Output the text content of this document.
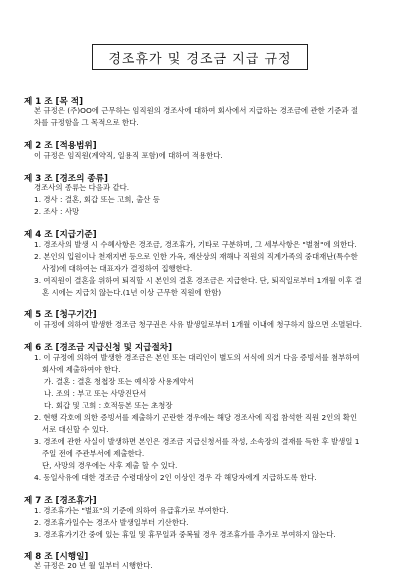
경조휴가 및 경조금 지급 규정
제 1 조 [목 적]
본 규정은 (주)OO에 근무하는 임직원의 경조사에 대하여 회사에서 지급하는 경조금에 관한 기준과 절
차를 규정함을 그 목적으로 한다.
제 2 조 [적용범위]
이 규정은 임직원(계약직, 일용직 포함)에 대하여 적용한다.
제 3 조 [경조의 종류]
경조사의 종류는 다음과 같다.
1. 경사 : 결혼, 회갑 또는 고희, 출산 등
2. 조사 : 사망
제 4 조 [지급기준]
1. 경조사의 발생 시 수혜사항은 경조금, 경조휴가, 기타로 구분하며, 그 세부사항은 "별첨"에 의한다.
2. 본인의 입원이나 천재지변 등으로 인한 가옥, 재산상의 재해나 직원의 직계가족의 중대재난(특수한
사정)에 대하여는 대표자가 결정하여 집행한다.
3. 여직원이 결혼을 위하여 퇴직할 시 본인의 결혼 경조금은 지급한다. 단, 퇴직일로부터 1개월 이후 결
혼 시에는 지급치 않는다.(1년 이상 근무한 직원에 한함)
제 5 조 [청구기간]
이 규정에 의하여 발생한 경조금 청구권은 사유 발생일로부터 1개월 이내에 청구하지 않으면 소멸된다.
제 6 조 [경조금 지급신청 및 지급절차]
1. 이 규정에 의하여 발생한 경조금은 본인 또는 대리인이 별도의 서식에 의거 다음 증빙서를 첨부하여
회사에 제출하여야 한다.
가. 결혼 : 결혼 청첩장 또는 예식장 사용계약서
나. 조의 : 부고 또는 사망진단서
다. 회갑 및 고희 : 호적등본 또는 초청장
2. 현행 각호에 의한 증빙서를 제출하기 곤란한 경우에는 해당 경조사에 직접 참석한 직원 2인의 확인
서로 대신할 수 있다.
3. 경조에 관한 사실이 발생하면 본인은 경조금 지급신청서를 작성, 소속장의 결재를 득한 후 발생일 1
주일 전에 주관부서에 제출한다.
단, 사망의 경우에는 사후 제출 할 수 있다.
4. 동일사유에 대한 경조금 수령대상이 2인 이상인 경우 각 해당자에게 지급하도록 한다.
제 7 조 [경조휴가]
1. 경조휴가는 "별표"의 기준에 의하여 유급휴가로 부여한다.
2. 경조휴가일수는 경조사 발생일부터 기산한다.
3. 경조휴가기간 중에 있는 휴일 및 휴무일과 중복될 경우 경조휴가를 추가로 부여하지 않는다.
제 8 조 [시행일]
본 규정은 20 년 월 일부터 시행한다.
